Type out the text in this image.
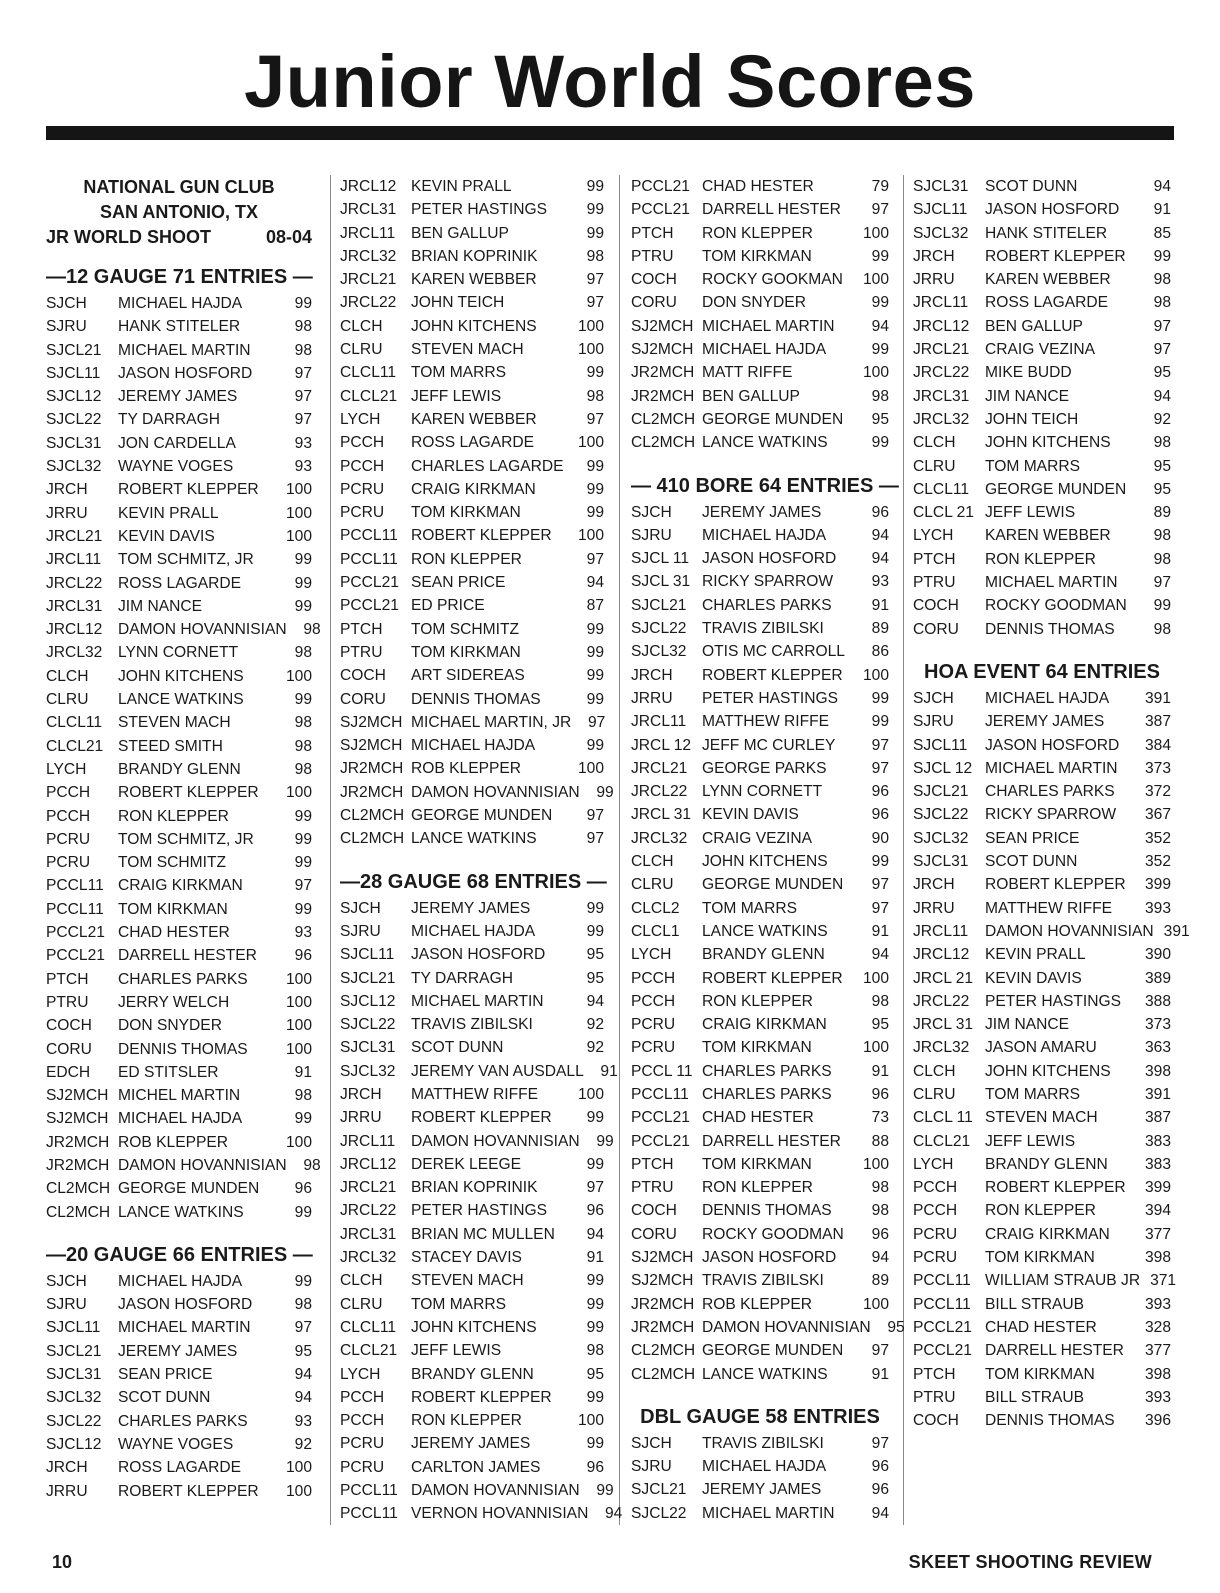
Junior World Scores
NATIONAL GUN CLUB
SAN ANTONIO, TX
JR WORLD SHOOT	08-04
—12 GAUGE 71 ENTRIES —
SJCH	MICHAEL HAJDA	99
SJRU	HANK STITELER	98
SJCL21	MICHAEL MARTIN	98
SJCL11	JASON HOSFORD	97
SJCL12	JEREMY JAMES	97
SJCL22	TY DARRAGH	97
SJCL31	JON CARDELLA	93
SJCL32	WAYNE VOGES	93
JRCH	ROBERT KLEPPER	100
JRRU	KEVIN PRALL	100
JRCL21	KEVIN DAVIS	100
JRCL11	TOM SCHMITZ, JR	99
JRCL22	ROSS LAGARDE	99
JRCL31	JIM NANCE	99
JRCL12	DAMON HOVANNISIAN	98
JRCL32	LYNN CORNETT	98
CLCH	JOHN KITCHENS	100
CLRU	LANCE WATKINS	99
CLCL11	STEVEN MACH	98
CLCL21 STEED SMITH	98
LYCH	BRANDY GLENN	98
PCCH	ROBERT KLEPPER	100
PCCH	RON KLEPPER	99
PCRU	TOM SCHMITZ, JR	99
PCRU	TOM SCHMITZ	99
PCCL11 CRAIG KIRKMAN	97
PCCL11 TOM KIRKMAN	99
PCCL21 CHAD HESTER	93
PCCL21 DARRELL HESTER	96
PTCH	CHARLES PARKS	100
PTRU	JERRY WELCH	100
COCH	DON SNYDER	100
CORU	DENNIS THOMAS	100
EDCH	ED STITSLER	91
SJ2MCH MICHEL MARTIN	98
SJ2MCH MICHAEL HAJDA	99
JR2MCH ROB KLEPPER	100
JR2MCH DAMON HOVANNISIAN	98
CL2MCH GEORGE MUNDEN	96
CL2MCH LANCE WATKINS	99
—20 GAUGE 66 ENTRIES —
SJCH	MICHAEL HAJDA	99
SJRU	JASON HOSFORD	98
SJCL11	MICHAEL MARTIN	97
SJCL21	JEREMY JAMES	95
SJCL31	SEAN PRICE	94
SJCL32	SCOT DUNN	94
SJCL22	CHARLES PARKS	93
SJCL12	WAYNE VOGES	92
JRCH	ROSS LAGARDE	100
JRRU	ROBERT KLEPPER	100
JRCL12 KEVIN PRALL	99
JRCL31 PETER HASTINGS	99
JRCL11	BEN GALLUP	99
JRCL32 BRIAN KOPRINIK	98
JRCL21 KAREN WEBBER	97
JRCL22 JOHN TEICH	97
CLCH	JOHN KITCHENS	100
CLRU	STEVEN MACH	100
CLCL11 TOM MARRS	99
CLCL21 JEFF LEWIS	98
LYCH	KAREN WEBBER	97
PCCH	ROSS LAGARDE	100
PCCH	CHARLES LAGARDE	99
PCRU	CRAIG KIRKMAN	99
PCRU	TOM KIRKMAN	99
PCCL11 ROBERT KLEPPER	100
PCCL11 RON KLEPPER	97
PCCL21 SEAN PRICE	94
PCCL21 ED PRICE	87
PTCH	TOM SCHMITZ	99
PTRU	TOM KIRKMAN	99
COCH	ART SIDEREAS	99
CORU	DENNIS THOMAS	99
SJ2MCH MICHAEL MARTIN, JR	97
SJ2MCH MICHAEL HAJDA	99
JR2MCH ROB KLEPPER	100
JR2MCH DAMON HOVANNISIAN	99
CL2MCH GEORGE MUNDEN	97
CL2MCH LANCE WATKINS	97
—28 GAUGE 68 ENTRIES —
SJCH	JEREMY JAMES	99
SJRU	MICHAEL HAJDA	99
SJCL11	JASON HOSFORD	95
SJCL21 TY DARRAGH	95
SJCL12 MICHAEL MARTIN	94
SJCL22 TRAVIS ZIBILSKI	92
SJCL31 SCOT DUNN	92
SJCL32 JEREMY VAN AUSDALL	91
JRCH	MATTHEW RIFFE	100
JRRU	ROBERT KLEPPER	99
JRCL11	DAMON HOVANNISIAN	99
JRCL12 DEREK LEEGE	99
JRCL21 BRIAN KOPRINIK	97
JRCL22 PETER HASTINGS	96
JRCL31 BRIAN MC MULLEN	94
JRCL32 STACEY DAVIS	91
CLCH	STEVEN MACH	99
CLRU	TOM MARRS	99
CLCL11 JOHN KITCHENS	99
CLCL21 JEFF LEWIS	98
LYCH	BRANDY GLENN	95
PCCH	ROBERT KLEPPER	99
PCCH	RON KLEPPER	100
PCRU	JEREMY JAMES	99
PCRU	CARLTON JAMES	96
PCCL11 DAMON HOVANNISIAN	99
PCCL11 VERNON HOVANNISIAN	94
PCCL21 CHAD HESTER	79
PCCL21 DARRELL HESTER	97
PTCH	RON KLEPPER	100
PTRU	TOM KIRKMAN	99
COCH	ROCKY GOOKMAN	100
CORU	DON SNYDER	99
SJ2MCH MICHAEL MARTIN	94
SJ2MCH MICHAEL HAJDA	99
JR2MCH MATT RIFFE	100
JR2MCH BEN GALLUP	98
CL2MCH GEORGE MUNDEN	95
CL2MCH LANCE WATKINS	99
— 410 BORE 64 ENTRIES —
SJCH	JEREMY JAMES	96
SJRU	MICHAEL HAJDA	94
SJCL 11 JASON HOSFORD	94
SJCL 31 RICKY SPARROW	93
SJCL21 CHARLES PARKS	91
SJCL22 TRAVIS ZIBILSKI	89
SJCL32 OTIS MC CARROLL	86
JRCH	ROBERT KLEPPER	100
JRRU	PETER HASTINGS	99
JRCL11	MATTHEW RIFFE	99
JRCL 12 JEFF MC CURLEY	97
JRCL21 GEORGE PARKS	97
JRCL22 LYNN CORNETT	96
JRCL 31 KEVIN DAVIS	96
JRCL32 CRAIG VEZINA	90
CLCH	JOHN KITCHENS	99
CLRU	GEORGE MUNDEN	97
CLCL2	TOM MARRS	97
CLCL1	LANCE WATKINS	91
LYCH	BRANDY GLENN	94
PCCH	ROBERT KLEPPER	100
PCCH	RON KLEPPER	98
PCRU	CRAIG KIRKMAN	95
PCRU	TOM KIRKMAN	100
PCCL 11 CHARLES PARKS	91
PCCL11 CHARLES PARKS	96
PCCL21 CHAD HESTER	73
PCCL21 DARRELL HESTER	88
PTCH	TOM KIRKMAN	100
PTRU	RON KLEPPER	98
COCH	DENNIS THOMAS	98
CORU	ROCKY GOODMAN	96
SJ2MCH JASON HOSFORD	94
SJ2MCH TRAVIS ZIBILSKI	89
JR2MCH ROB KLEPPER	100
JR2MCH DAMON HOVANNISIAN	95
CL2MCH GEORGE MUNDEN	97
CL2MCH LANCE WATKINS	91
DBL GAUGE 58 ENTRIES
SJCH	TRAVIS ZIBILSKI	97
SJRU	MICHAEL HAJDA	96
SJCL21 JEREMY JAMES	96
SJCL22 MICHAEL MARTIN	94
SJCL31	SCOT DUNN	94
SJCL11	JASON HOSFORD	91
SJCL32	HANK STITELER	85
JRCH	ROBERT KLEPPER	99
JRRU	KAREN WEBBER	98
JRCL11	ROSS LAGARDE	98
JRCL12	BEN GALLUP	97
JRCL21	CRAIG VEZINA	97
JRCL22	MIKE BUDD	95
JRCL31	JIM NANCE	94
JRCL32	JOHN TEICH	92
CLCH	JOHN KITCHENS	98
CLRU	TOM MARRS	95
CLCL11	GEORGE MUNDEN	95
CLCL 21 JEFF LEWIS	89
LYCH	KAREN WEBBER	98
PTCH	RON KLEPPER	98
PTRU	MICHAEL MARTIN	97
COCH	ROCKY GOODMAN	99
CORU	DENNIS THOMAS	98
HOA EVENT 64 ENTRIES
SJCH	MICHAEL HAJDA	391
SJRU	JEREMY JAMES	387
SJCL11	JASON HOSFORD	384
SJCL 12 MICHAEL MARTIN	373
SJCL21	CHARLES PARKS	372
SJCL22	RICKY SPARROW	367
SJCL32	SEAN PRICE	352
SJCL31	SCOT DUNN	352
JRCH	ROBERT KLEPPER	399
JRRU	MATTHEW RIFFE	393
JRCL11	DAMON HOVANNISIAN 391
JRCL12	KEVIN PRALL	390
JRCL 21 KEVIN DAVIS	389
JRCL22	PETER HASTINGS	388
JRCL 31 JIM NANCE	373
JRCL32	JASON AMARU	363
CLCH	JOHN KITCHENS	398
CLRU	TOM MARRS	391
CLCL 11 STEVEN MACH	387
CLCL21 JEFF LEWIS	383
LYCH	BRANDY GLENN	383
PCCH	ROBERT KLEPPER	399
PCCH	RON KLEPPER	394
PCRU	CRAIG KIRKMAN	377
PCRU	TOM KIRKMAN	398
PCCL11 WILLIAM STRAUB JR 371
PCCL11 BILL STRAUB	393
PCCL21 CHAD HESTER	328
PCCL21 DARRELL HESTER	377
PTCH	TOM KIRKMAN	398
PTRU	BILL STRAUB	393
COCH	DENNIS THOMAS	396
10	SKEET SHOOTING REVIEW
